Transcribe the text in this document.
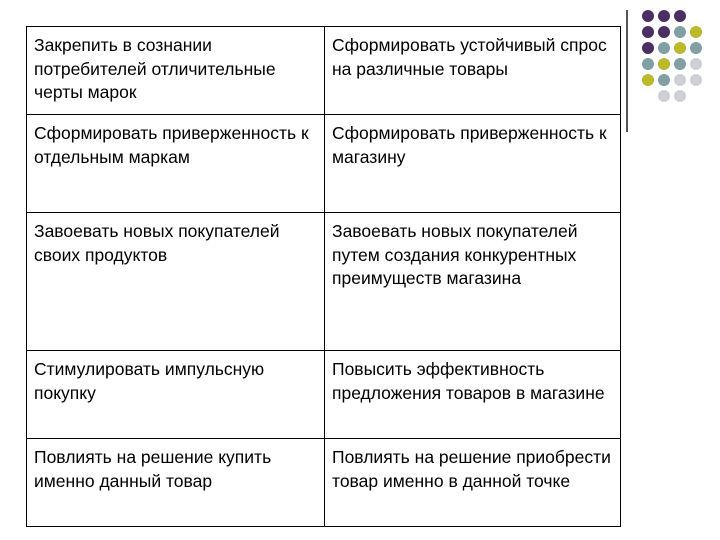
Закрепить в сознании потребителей отличительные черты марок	Сформировать устойчивый спрос на различные товары
Сформировать приверженность к отдельным маркам	Сформировать приверженность к магазину
Завоевать новых покупателей своих продуктов	Завоевать новых покупателей путем создания конкурентных преимуществ магазина
Стимулировать импульсную покупку	Повысить эффективность предложения товаров в магазине
Повлиять на решение купить именно данный товар	Повлиять на решение приобрести товар именно в данной точке
